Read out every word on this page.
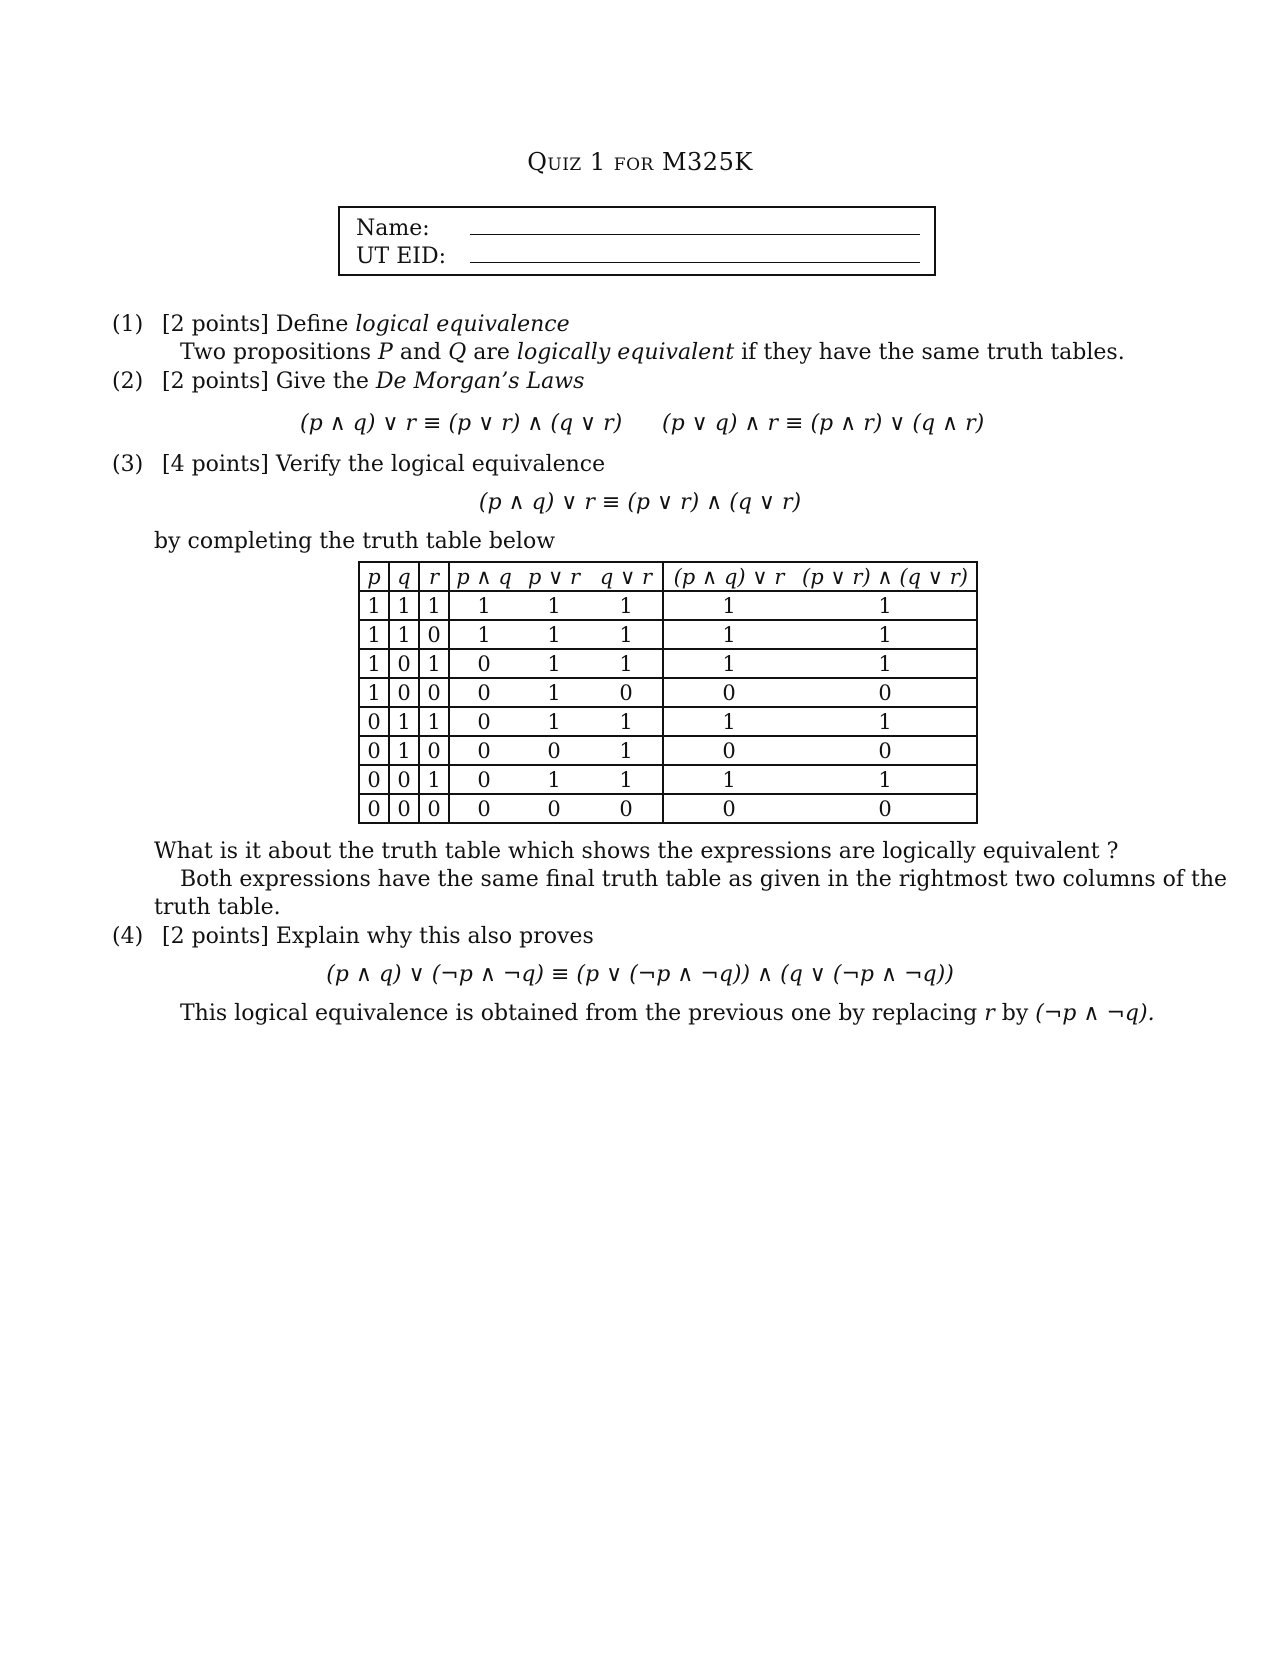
Quiz 1 for M325K
Name:
UT EID:
(1) [2 points] Define logical equivalence
Two propositions P and Q are logically equivalent if they have the same truth tables.
(2) [2 points] Give the De Morgan’s Laws
(p ∧ q) ∨ r ≡ (p ∨ r) ∧ (q ∨ r) (p ∨ q) ∧ r ≡ (p ∧ r) ∨ (q ∧ r)
(3) [4 points] Verify the logical equivalence
(p ∧ q) ∨ r ≡ (p ∨ r) ∧ (q ∨ r)
by completing the truth table below
p	q	r	p ∧ q	p ∨ r	q ∨ r	(p ∧ q) ∨ r	(p ∨ r) ∧ (q ∨ r)
1	1	1	1	1	1	1	1
1	1	0	1	1	1	1	1
1	0	1	0	1	1	1	1
1	0	0	0	1	0	0	0
0	1	1	0	1	1	1	1
0	1	0	0	0	1	0	0
0	0	1	0	1	1	1	1
0	0	0	0	0	0	0	0
What is it about the truth table which shows the expressions are logically equivalent ?
Both expressions have the same final truth table as given in the rightmost two columns of the
truth table.
(4) [2 points] Explain why this also proves
(p ∧ q) ∨ (¬p ∧ ¬q) ≡ (p ∨ (¬p ∧ ¬q)) ∧ (q ∨ (¬p ∧ ¬q))
This logical equivalence is obtained from the previous one by replacing r by (¬p ∧ ¬q).
